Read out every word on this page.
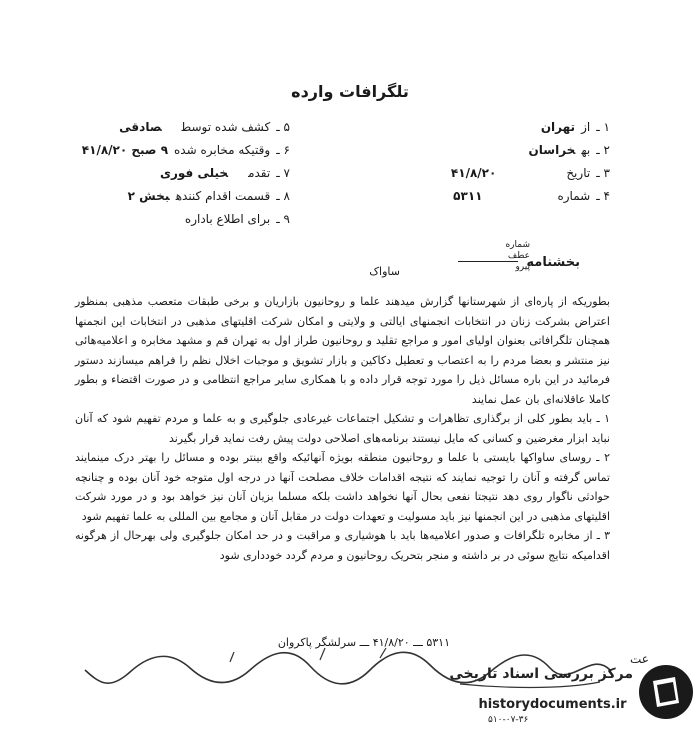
تلگرافات وارده
۱ ـازتهران
۲ ـبهخراسان
۳ ـتاریخ۴۱/۸/۲۰
۴ ـشماره۵۳۱۱
۵ ـکشف شده توسطصادقی
۶ ـوقتیکه مخابره شده۹ صبح ۴۱/۸/۲۰
۷ ـتقدمخیلی فوری
۸ ـقسمت اقدام کنندهبخش ۲
۹ ـبرای اطلاع باداره
شماره
عطف
پیرو
بخشنامه
ساواک

بطوریکه از پاره‌ای از شهرستانها گزارش میدهند علما و روحانیون بازاریان و برخی طبقات متعصب مذهبی بمنظور اعتراض بشرکت زنان در انتخابات انجمنهای ایالتی و ولایتی و امکان شرکت اقلیتهای مذهبی در انتخابات این انجمنها همچنان تلگرافاتی بعنوان اولیای امور و مراجع تقلید و روحانیون طراز اول به تهران قم و مشهد مخابره و اعلامیه‌هائی نیز منتشر و بعضا مردم را به اعتصاب و تعطیل دکاکین و بازار تشویق و موجبات اخلال نظم را فراهم میسازند دستور فرمائید در این باره مسائل ذیل را مورد توجه قرار داده و با همکاری سایر مراجع انتظامی و در صورت اقتضاء و بطور کاملا عاقلانه‌ای بان عمل نمایند

۱ ـ باید بطور کلی از برگذاری تظاهرات و تشکیل اجتماعات غیرعادی جلوگیری و به علما و مردم تفهیم شود که آنان نباید ابزار مغرضین و کسانی که مایل نیستند برنامه‌های اصلاحی دولت پیش رفت نماید قرار بگیرند

۲ ـ روسای ساواکها بایستی با علما و روحانیون منطقه بویژه آنهائیکه واقع بینتر بوده و مسائل را بهتر درک مینمایند تماس گرفته و آنان را توجیه نمایند که نتیجه اقدامات خلاف مصلحت آنها در درجه اول متوجه خود آنان بوده و چنانچه حوادثی ناگوار روی دهد نتیجتا نفعی بحال آنها نخواهد داشت بلکه مسلما بزیان آنان نیز خواهد بود و در مورد شرکت اقلیتهای مذهبی در این انجمنها نیز باید مسولیت و تعهدات دولت در مقابل آنان و مجامع بین المللی به علما تفهیم شود

۳ ـ از مخابره تلگرافات و صدور اعلامیه‌ها باید با هوشیاری و مراقبت و در حد امکان جلوگیری ولی بهرحال از هرگونه اقدامیکه نتایج سوئی در بر داشته و منجر بتحریک روحانیون و مردم گردد خودداری شود

۵۳۱۱ ـــ ۴۱/۸/۲۰ ـــ سرلشگر پاکروان
عت
مرکز بررسی اسناد تاریخی
historydocuments.ir
۵۱۰-۰۷-۳۶
